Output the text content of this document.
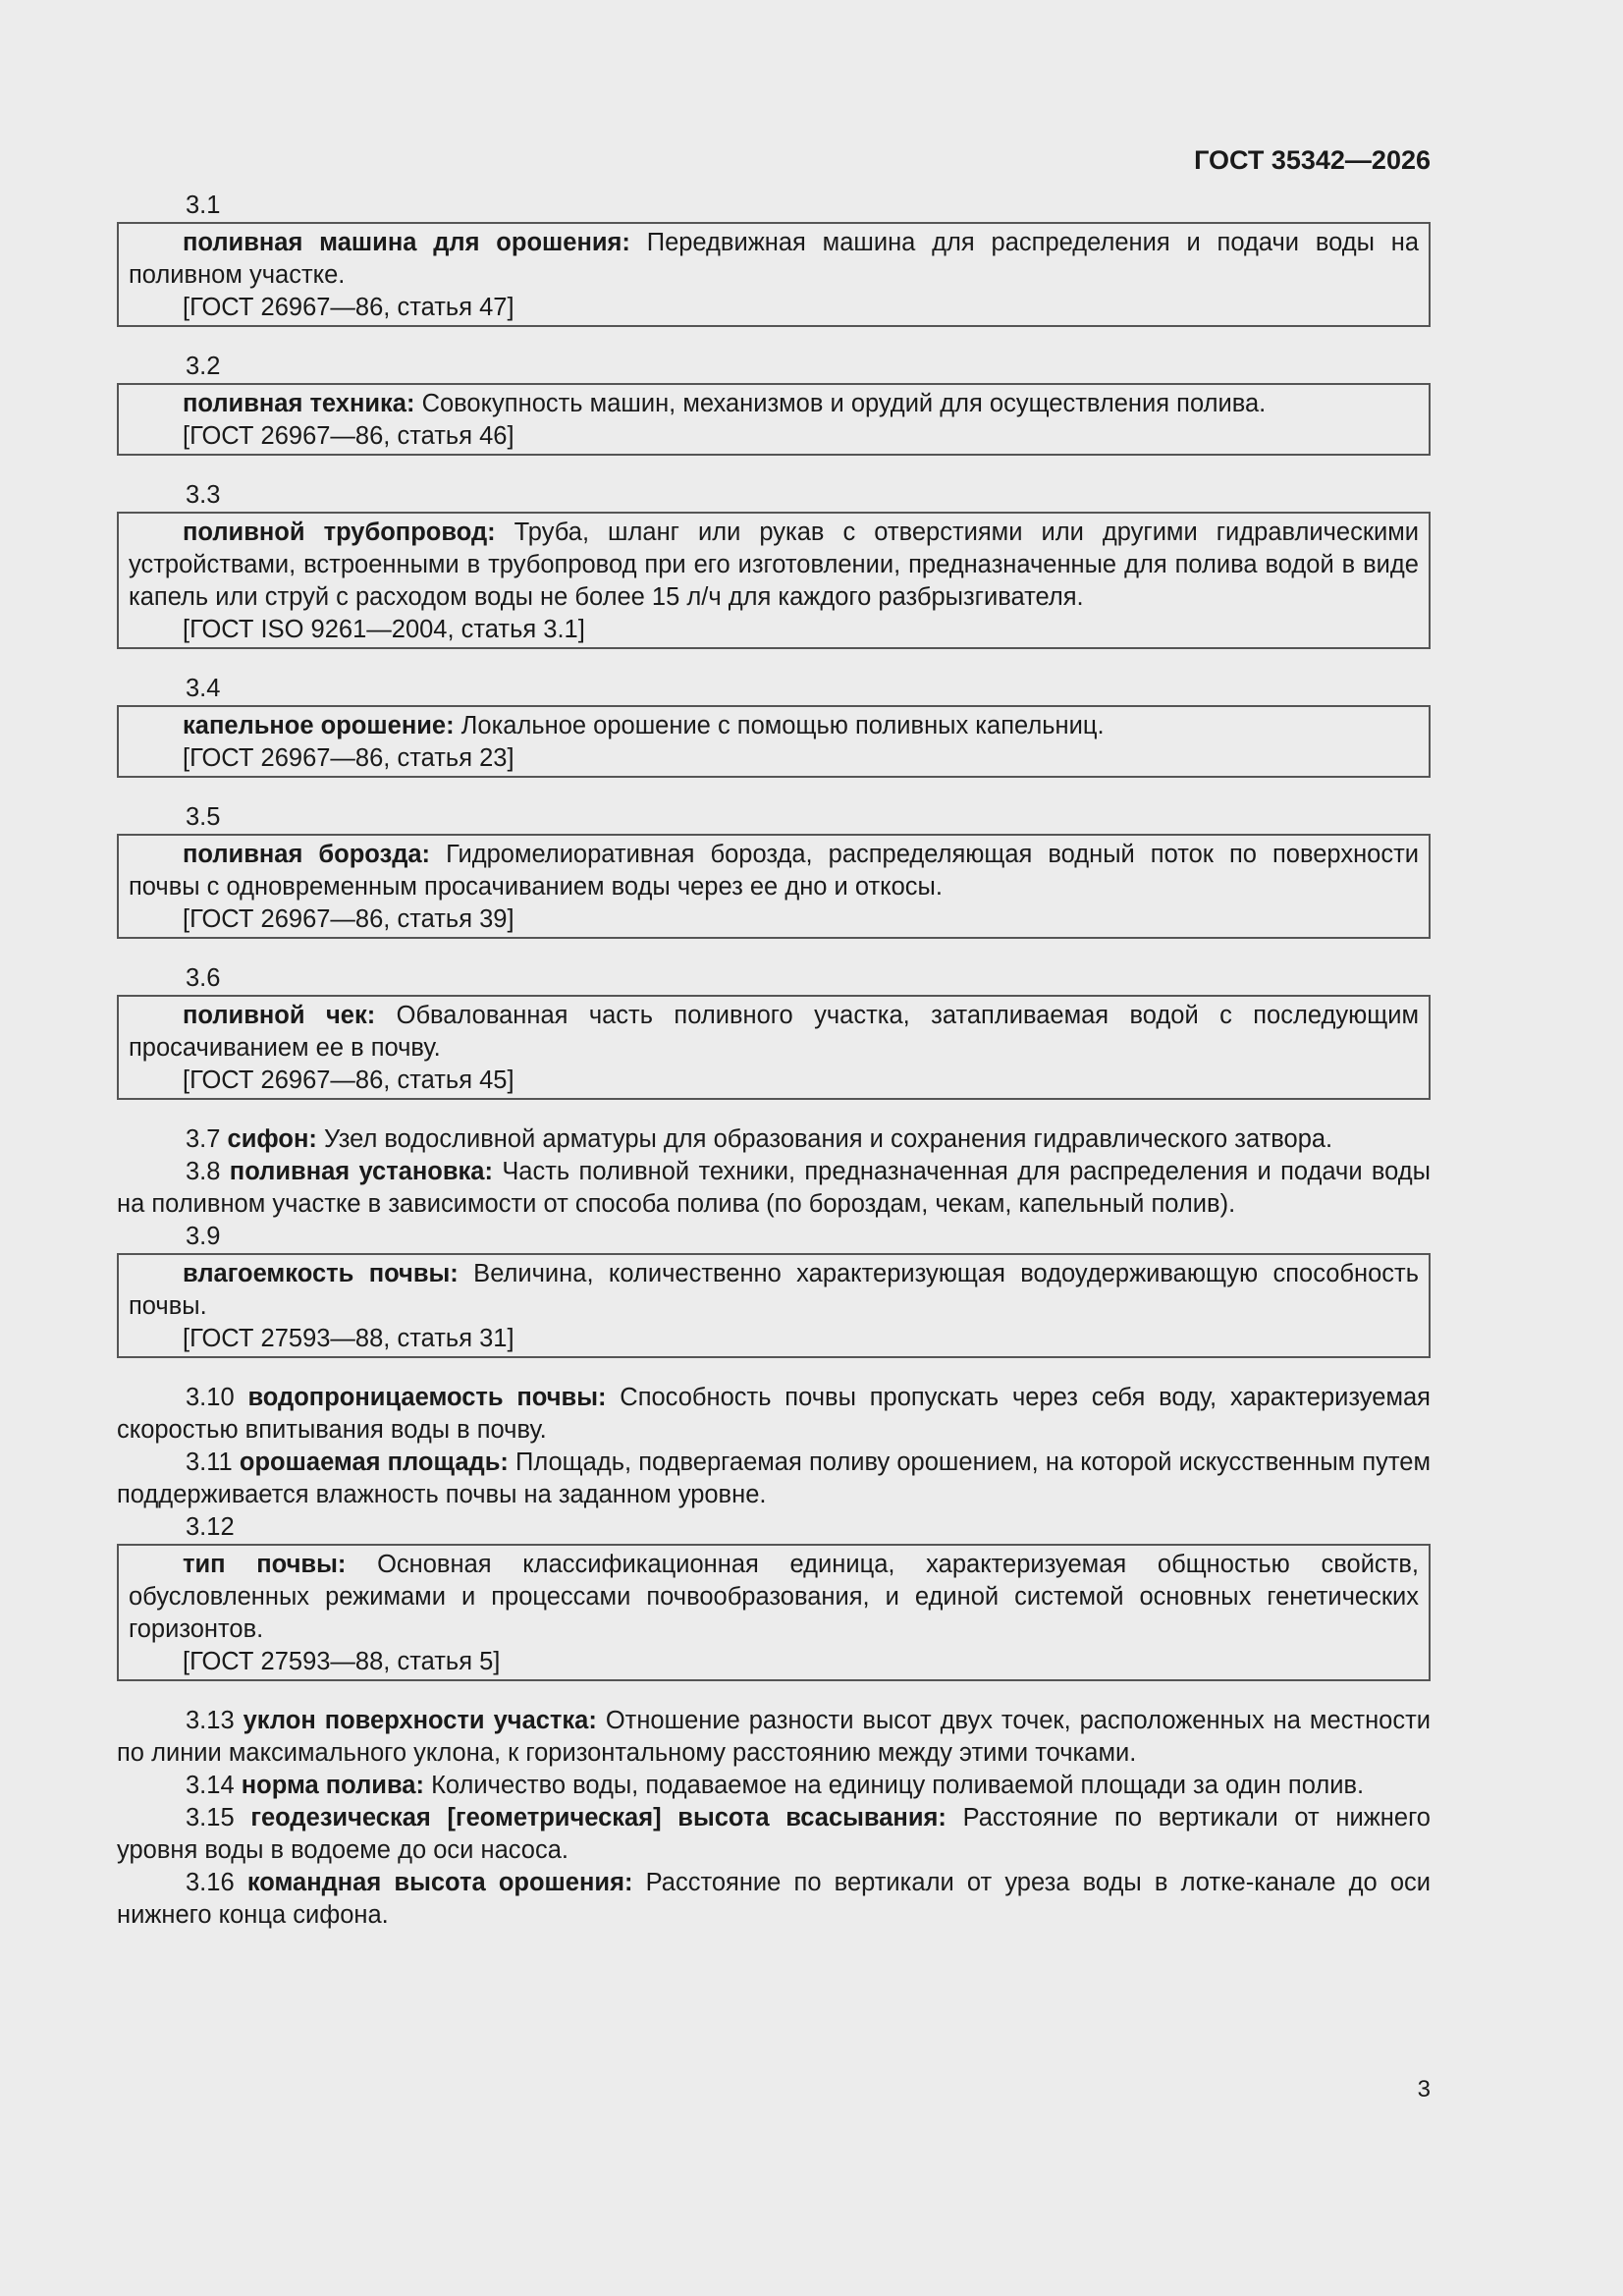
ГОСТ 35342—2026
3.1

поливная машина для орошения: Передвижная машина для распределения и подачи воды на поливном участке.

[ГОСТ 26967—86, статья 47]

3.2

поливная техника: Совокупность машин, механизмов и орудий для осуществления полива.

[ГОСТ 26967—86, статья 46]

3.3

поливной трубопровод: Труба, шланг или рукав с отверстиями или другими гидравлическими устройствами, встроенными в трубопровод при его изготовлении, предназначенные для полива водой в виде капель или струй с расходом воды не более 15 л/ч для каждого разбрызгивателя.

[ГОСТ ISO 9261—2004, статья 3.1]

3.4

капельное орошение: Локальное орошение с помощью поливных капельниц.

[ГОСТ 26967—86, статья 23]

3.5

поливная борозда: Гидромелиоративная борозда, распределяющая водный поток по поверхности почвы с одновременным просачиванием воды через ее дно и откосы.

[ГОСТ 26967—86, статья 39]

3.6

поливной чек: Обвалованная часть поливного участка, затапливаемая водой с последующим просачиванием ее в почву.

[ГОСТ 26967—86, статья 45]

3.7 сифон: Узел водосливной арматуры для образования и сохранения гидравлического затвора.

3.8 поливная установка: Часть поливной техники, предназначенная для распределения и подачи воды на поливном участке в зависимости от способа полива (по бороздам, чекам, капельный полив).

3.9

влагоемкость почвы: Величина, количественно характеризующая водоудерживающую способность почвы.

[ГОСТ 27593—88, статья 31]

3.10 водопроницаемость почвы: Способность почвы пропускать через себя воду, характеризуемая скоростью впитывания воды в почву.

3.11 орошаемая площадь: Площадь, подвергаемая поливу орошением, на которой искусственным путем поддерживается влажность почвы на заданном уровне.

3.12

тип почвы: Основная классификационная единица, характеризуемая общностью свойств, обусловленных режимами и процессами почвообразования, и единой системой основных генетических горизонтов.

[ГОСТ 27593—88, статья 5]

3.13 уклон поверхности участка: Отношение разности высот двух точек, расположенных на местности по линии максимального уклона, к горизонтальному расстоянию между этими точками.

3.14 норма полива: Количество воды, подаваемое на единицу поливаемой площади за один полив.

3.15 геодезическая [геометрическая] высота всасывания: Расстояние по вертикали от нижнего уровня воды в водоеме до оси насоса.

3.16 командная высота орошения: Расстояние по вертикали от уреза воды в лотке-канале до оси нижнего конца сифона.

3
